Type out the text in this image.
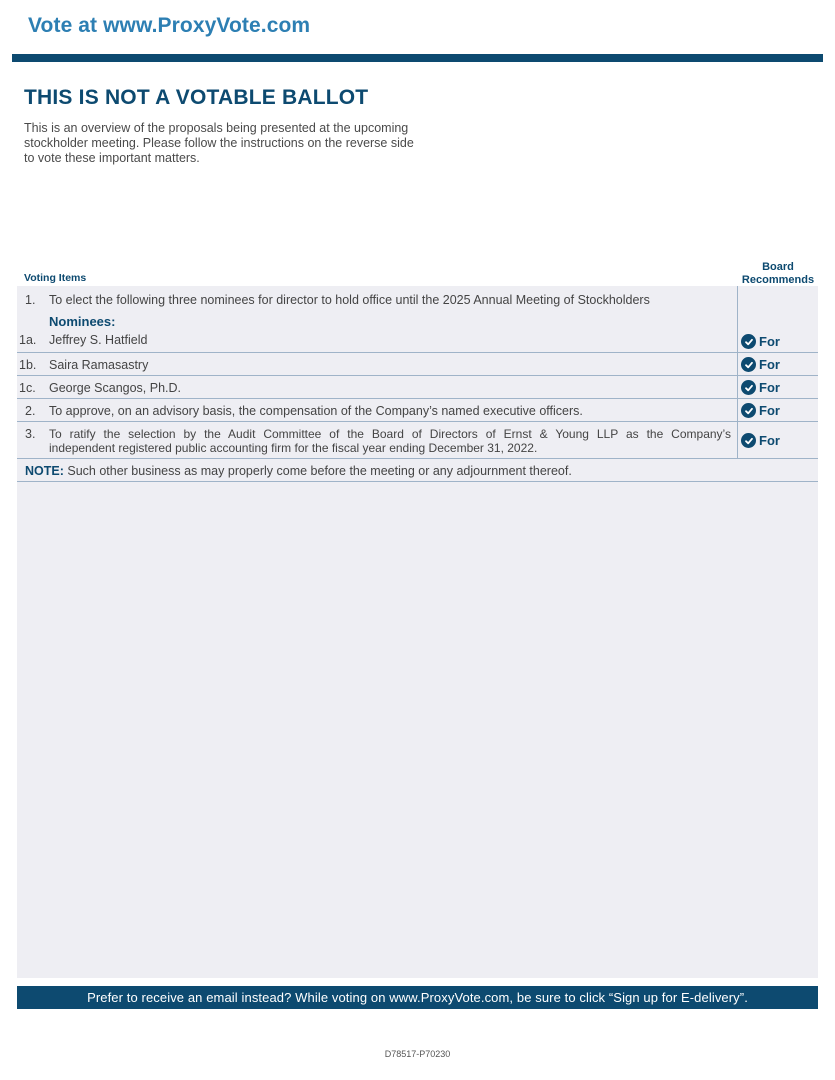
Vote at www.ProxyVote.com
THIS IS NOT A VOTABLE BALLOT
This is an overview of the proposals being presented at the upcoming stockholder meeting. Please follow the instructions on the reverse side to vote these important matters.
Voting Items
Board
Recommends
1. To elect the following three nominees for director to hold office until the 2025 Annual Meeting of Stockholders
Nominees:
1a. Jeffrey S. Hatfield	For
1b. Saira Ramasastry	For
1c. George Scangos, Ph.D.	For
2. To approve, on an advisory basis, the compensation of the Company’s named executive officers.	For
3. To ratify the selection by the Audit Committee of the Board of Directors of Ernst & Young LLP as the Company’s
independent registered public accounting firm for the fiscal year ending December 31, 2022.	For
NOTE: Such other business as may properly come before the meeting or any adjournment thereof.
Prefer to receive an email instead? While voting on www.ProxyVote.com, be sure to click “Sign up for E-delivery”.
D78517-P70230
